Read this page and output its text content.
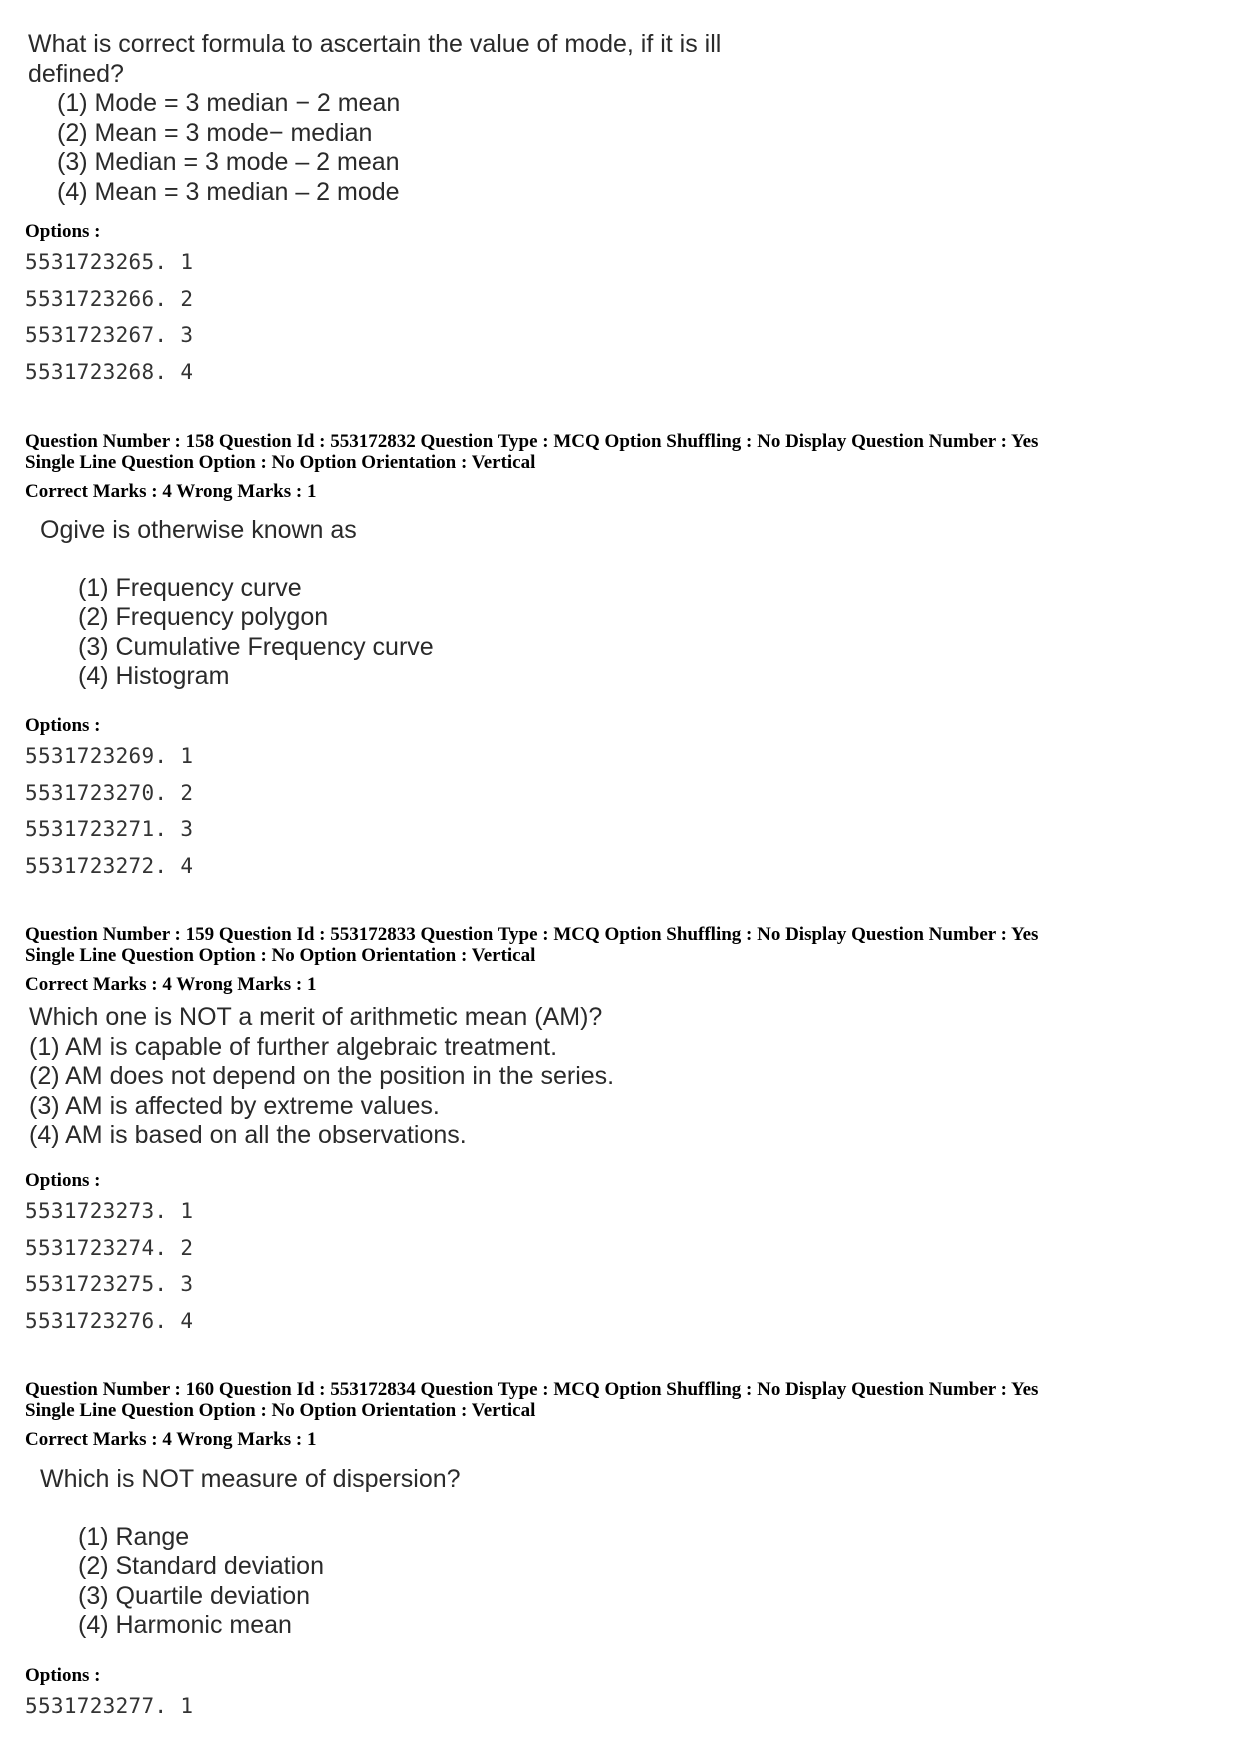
What is correct formula to ascertain the value of mode, if it is ill

defined?

(1) Mode = 3 median − 2 mean

(2) Mean = 3 mode− median

(3) Median = 3 mode – 2 mean

(4) Mean = 3 median – 2 mode

Options :
5531723265. 1
5531723266. 2
5531723267. 3
5531723268. 4
Question Number : 158 Question Id : 553172832 Question Type : MCQ Option Shuffling : No Display Question Number : Yes
Single Line Question Option : No Option Orientation : Vertical
Correct Marks : 4 Wrong Marks : 1

Ogive is otherwise known as

(1) Frequency curve

(2) Frequency polygon

(3) Cumulative Frequency curve

(4) Histogram

Options :
5531723269. 1
5531723270. 2
5531723271. 3
5531723272. 4
Question Number : 159 Question Id : 553172833 Question Type : MCQ Option Shuffling : No Display Question Number : Yes
Single Line Question Option : No Option Orientation : Vertical
Correct Marks : 4 Wrong Marks : 1

Which one is NOT a merit of arithmetic mean (AM)?

(1) AM is capable of further algebraic treatment.

(2) AM does not depend on the position in the series.

(3) AM is affected by extreme values.

(4) AM is based on all the observations.

Options :
5531723273. 1
5531723274. 2
5531723275. 3
5531723276. 4
Question Number : 160 Question Id : 553172834 Question Type : MCQ Option Shuffling : No Display Question Number : Yes
Single Line Question Option : No Option Orientation : Vertical
Correct Marks : 4 Wrong Marks : 1

Which is NOT measure of dispersion?

(1) Range

(2) Standard deviation

(3) Quartile deviation

(4) Harmonic mean

Options :
5531723277. 1
